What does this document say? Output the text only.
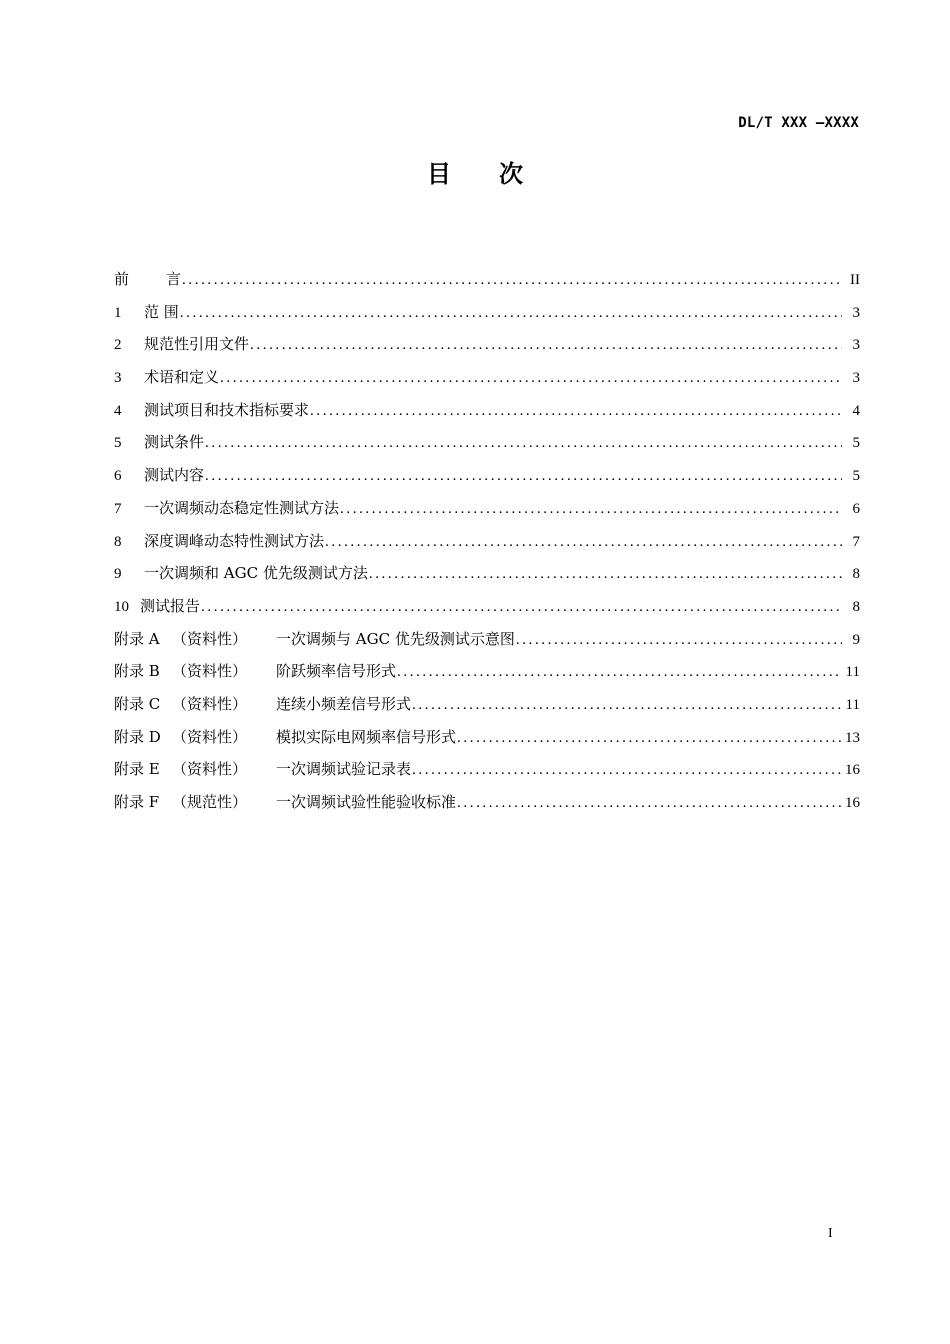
DL/T XXX —XXXX
目次
前	言 .....	II
1	范 围 .....	3
2	规范性引用文件 .....	3
3	术语和定义 .....	3
4	测试项目和技术指标要求 .....	4
5	测试条件 .....	5
6	测试内容 .....	5
7	一次调频动态稳定性测试方法 .....	6
8	深度调峰动态特性测试方法 .....	7
9	一次调频和 AGC 优先级测试方法 .....	8
10 测试报告 .....	8
附录 A （资料性）	一次调频与 AGC 优先级测试示意图 .....	9
附录 B （资料性）	阶跃频率信号形式 .....	11
附录 C （资料性）	连续小频差信号形式 .....	11
附录 D （资料性）	模拟实际电网频率信号形式 .....	13
附录 E （资料性）	一次调频试验记录表 .....	16
附录 F （规范性）	一次调频试验性能验收标准 .....	16
I
